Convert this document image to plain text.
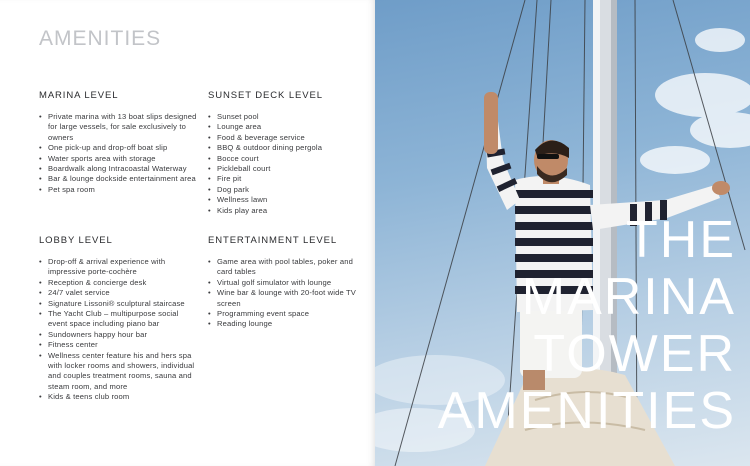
AMENITIES
MARINA LEVEL
• Private marina with 13 boat slips designed for large vessels, for sale exclusively to owners
• One pick-up and drop-off boat slip
• Water sports area with storage
• Boardwalk along Intracoastal Waterway
• Bar & lounge dockside entertainment area
• Pet spa room
SUNSET DECK LEVEL
• Sunset pool
• Lounge area
• Food & beverage service
• BBQ & outdoor dining pergola
• Bocce court
• Pickleball court
• Fire pit
• Dog park
• Wellness lawn
• Kids play area
LOBBY LEVEL
• Drop-off & arrival experience with impressive porte-cochère
• Reception & concierge desk
• 24/7 valet service
• Signature Lissoni® sculptural staircase
• The Yacht Club – multipurpose social event space including piano bar
• Sundowners happy hour bar
• Fitness center
• Wellness center feature his and hers spa with locker rooms and showers, individual and couples treatment rooms, sauna and steam room, and more
• Kids & teens club room
ENTERTAINMENT LEVEL
• Game area with pool tables, poker and card tables
• Virtual golf simulator with lounge
• Wine bar & lounge with 20-foot wide TV screen
• Programming event space
• Reading lounge
THE
MARINA
TOWER
AMENITIES
